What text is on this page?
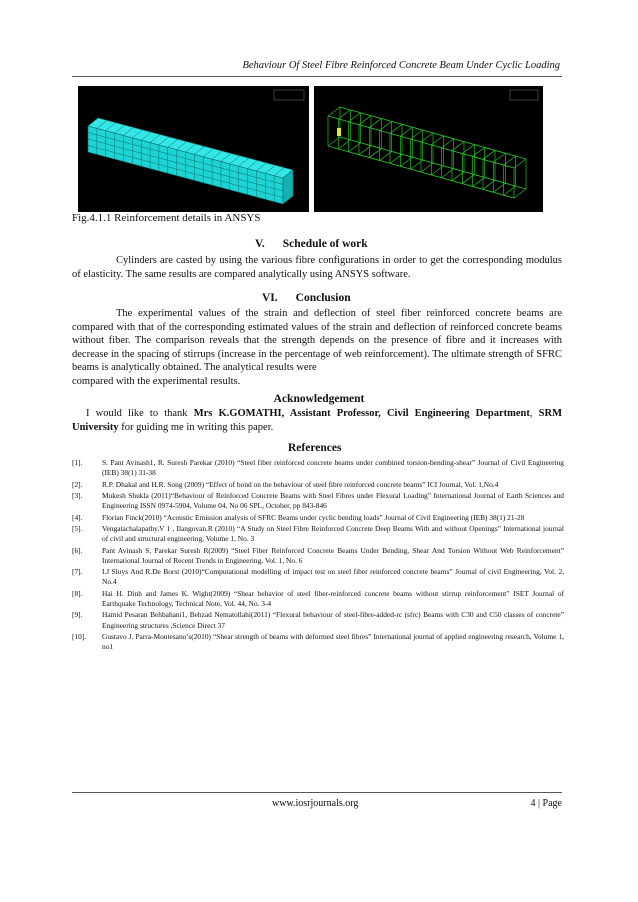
Behaviour Of Steel Fibre Reinforced Concrete Beam Under Cyclic Loading
Fig.4.1.1 Reinforcement details in ANSYS
V. Schedule of work
Cylinders are casted by using the various fibre configurations in order to get the corresponding modulus of elasticity. The same results are compared analytically using ANSYS software.
VI. Conclusion
The experimental values of the strain and deflection of steel fiber reinforced concrete beams are compared with that of the corresponding estimated values of the strain and deflection of reinforced concrete beams without fiber. The comparison reveals that the strength depends on the presence of fibre and it increases with decrease in the spacing of stirrups (increase in the percentage of web reinforcement). The ultimate strength of SFRC beams is analytically obtained. The analytical results were
compared with the experimental results.
Acknowledgement
I would like to thank Mrs K.GOMATHI, Assistant Professor, Civil Engineering Department, SRM University for guiding me in writing this paper.
References
[1].	S. Pant Avinash1, R. Suresh Parekar (2010) “Steel fiber reinforced concrete beams under combined torsion-bending-shear” Journal of Civil Engineering (IEB) 38(1) 31-38
[2].	R.P. Dhakal and H.R. Song (2009) “Effect of bond on the behaviour of steel fibre reinforced concrete beams” ICI Journal, Vol. 1,No.4
[3].	Mukesh Shukla (2011)“Behaviour of Reinforced Concrete Beams with Steel Fibres under Flexural Loading” International Journal of Earth Sciences and Engineering ISSN 0974-5904, Volume 04, No 06 SPL, October, pp 843-846
[4].	Florian Finck(2010) “Acoustic Emission analysis of SFRC Beams under cyclic bending loads” Journal of Civil Engineering (IEB) 38(1) 21-28
[5].	Vengatachalapathy.V 1 , Ilangovan.R (2010) “A Study on Steel Fibre Reinforced Concrete Deep Beams With and without Openings” International journal of civil and structural engineering, Volume 1, No. 3
[6].	Pant Avinash S, Parekar Suresh R(2009) “Steel Fiber Reinforced Concrete Beams Under Bending, Shear And Torsion Without Web Reinforcement” International Journal of Recent Trends in Engineering, Vol. 1, No. 6
[7].	I.J Sluys And R.De Borst (2010)“Computational modelling of impact test on steel fiber reinforced concrete beams” Journal of civil Engineering, Vol. 2, No.4
[8].	Hai H. Dinh and James K. Wight(2009) “Shear behavior of steel fiber-reinforced concrete beams without stirrup reinforcement” ISET Journal of Earthquake Technology, Technical Note, Vol. 44, No. 3-4
[9].	Hamid Pesaran Behbahani1, Behzad Nematollahi(2011) “Flexural behaviour of steel-fibre-added-rc (sfrc) Beams with C30 and C50 classes of concrete” Engineering structures ,Science Direct 37
[10].	Gustavo J. Parra-Montesano’s(2010) “Shear strength of beams with deformed steel fibres” International journal of applied engineering research, Volume 1, no1
www.iosrjournals.org	4 | Page
